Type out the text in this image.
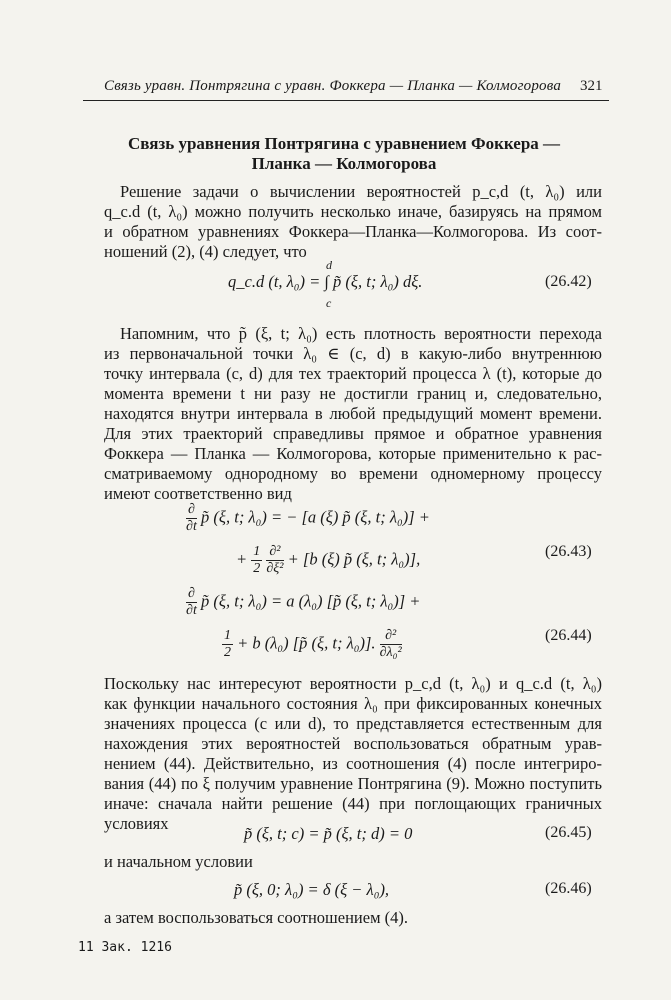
Связь уравн. Понтрягина с уравн. Фоккера — Планка — Колмогорова 321
Связь уравнения Понтрягина с уравнением Фоккера —
Планка — Колмогорова
Решение задачи о вычислении вероятностей p_c,d (t, λ₀) или
q_c.d (t, λ₀) можно получить несколько иначе, базируясь на прямом
и обратном уравнениях Фоккера—Планка—Колмогорова. Из соот-
ношений (2), (4) следует, что
q_c.d (t, λ₀) = ∫ p̃ (ξ, t; λ₀) dξ.
d
c
(26.42)
Напомним, что p̃ (ξ, t; λ₀) есть плотность вероятности перехода
из первоначальной точки λ₀ ∈ (c, d) в какую-либо внутреннюю
точку интервала (c, d) для тех траекторий процесса λ (t), которые до
момента времени t ни разу не достигли границ и, следовательно,
находятся внутри интервала в любой предыдущий момент времени.
Для этих траекторий справедливы прямое и обратное уравнения
Фоккера — Планка — Колмогорова, которые применительно к рас-
сматриваемому однородному во времени одномерному процессу
имеют соответственно вид
$\frac{\partial}{\partial t}$ p̃ (ξ, t; λ₀) = − [a (ξ) p̃ (ξ, t; λ₀)] +
+ $\frac{1}{2}$
$\frac{\text{∂²}}{\text{∂ξ²}} + [b$ (ξ) p̃ (ξ, t; λ₀)],	(26.43)
$\frac{\partial}{\partial t}$ p̃ (ξ, t; λ₀) = a (λ₀) [p̃ (ξ, t; λ₀)] +
$\frac{1}{2} + b$ (λ₀) [p̃ (ξ, t; λ₀)]. $\frac{\text{∂²}}{\text{∂λ₀²}}$	(26.44)
Поскольку нас интересуют вероятности p_c,d (t, λ₀) и q_c.d (t, λ₀)
как функции начального состояния λ₀ при фиксированных конечных
значениях процесса (c или d), то представляется естественным для
нахождения этих вероятностей воспользоваться обратным урав-
нением (44). Действительно, из соотношения (4) после интегриро-
вания (44) по ξ получим уравнение Понтрягина (9). Можно поступить
иначе: сначала найти решение (44) при поглощающих граничных
условиях
p̃ (ξ, t; c) = p̃ (ξ, t; d) = 0	(26.45)
и начальном условии
p̃ (ξ, 0; λ₀) = δ (ξ − λ₀),	(26.46)
а затем воспользоваться соотношением (4).
11 Зак. 1216
